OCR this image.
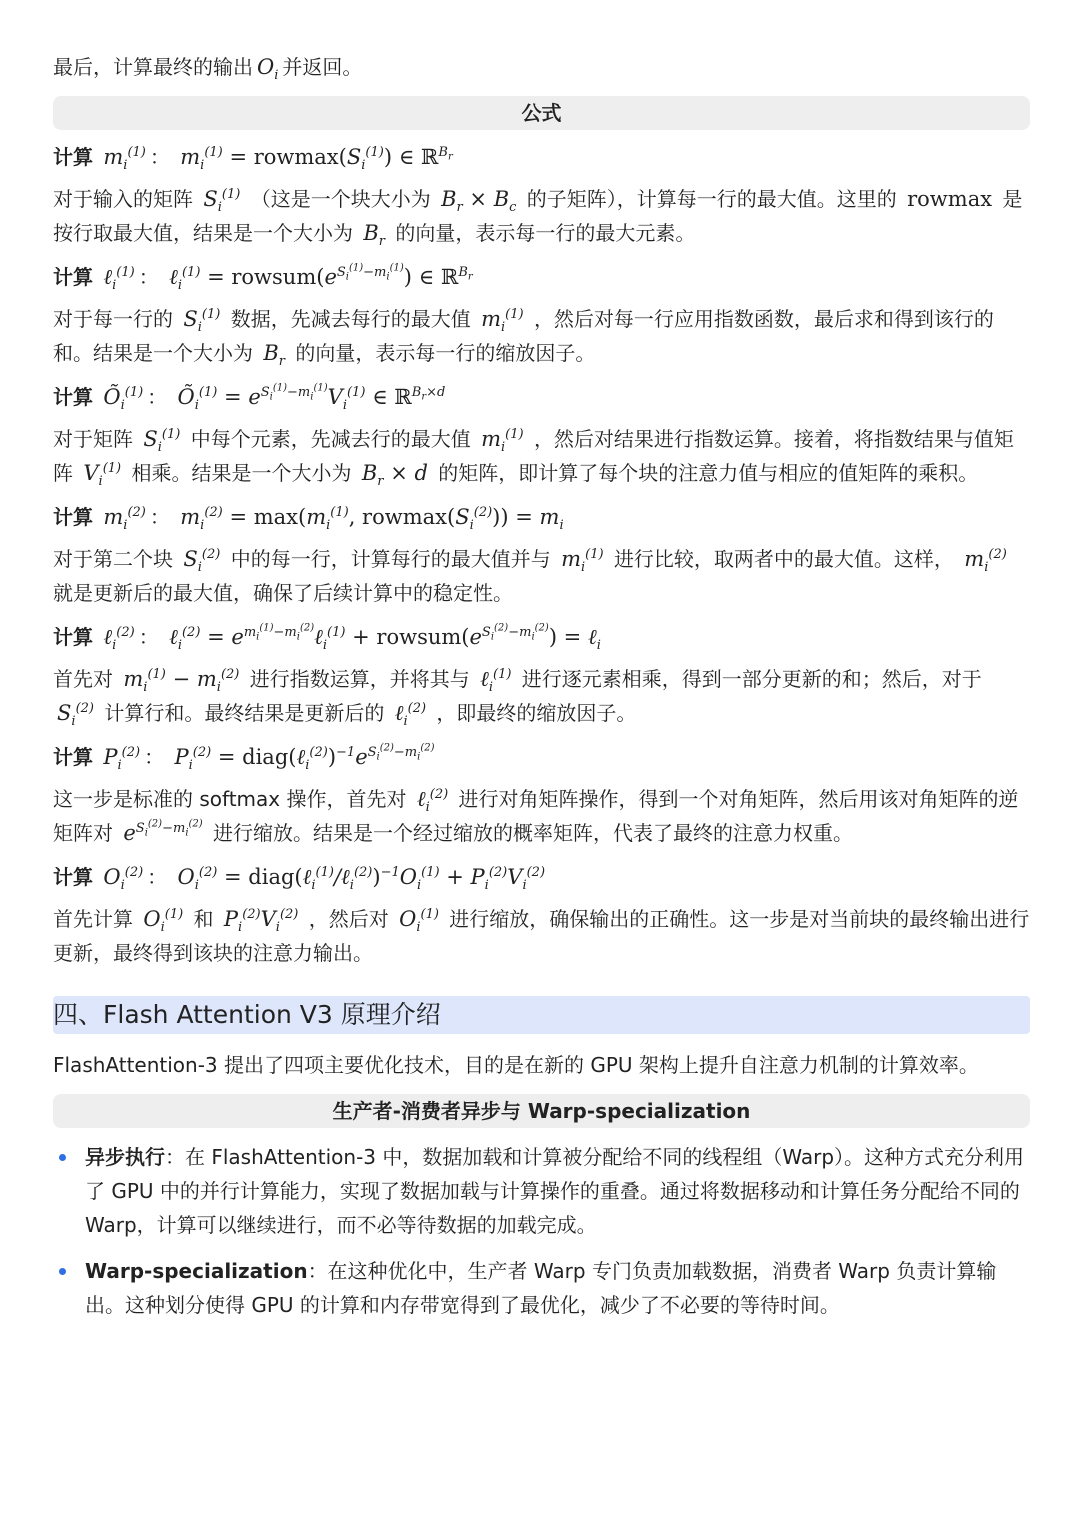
最后，计算最终的输出 $O_i$ 并返回。

公式

计算 $m_i^{(1)}$ ： $m_i^{(1)} = rowmax(S_i^{(1)})$ ∈ ℝ$^{B_r}$

对于输入的矩阵 $S_i^{(1)}$ （这是一个块大小为 $B_r \times B_c$ 的子矩阵），计算每一行的最大值。这里的 rowmax 是按行取最大值，结果是一个大小为 $B_r$ 的向量，表示每一行的最大元素。

计算 ℓ$_i^{(1)}$ ： ℓ$_i^{(1)}$ = $rowsum(e^{S_i^{(1)}-m_i^{(1)}})$ ∈ ℝ$^{B_r}$

对于每一行的 $S_i^{(1)}$ 数据，先减去每行的最大值 $m_i^{(1)}$ ，然后对每一行应用指数函数，最后求和得到该行的和。结果是一个大小为 $B_r$ 的向量，表示每一行的缩放因子。

计算 $Õ_i^{(1)}$ ： $Õ_i^{(1)} = e^{S_i^{(1)}-m_i^{(1)}}V_i^{(1)}$ ∈ ℝ$^{B_r\times d}$

对于矩阵 $S_i^{(1)}$ 中每个元素，先减去行的最大值 $m_i^{(1)}$ ，然后对结果进行指数运算。接着，将指数结果与值矩阵 $V_i^{(1)}$ 相乘。结果是一个大小为 $B_r \times d$ 的矩阵，即计算了每个块的注意力值与相应的值矩阵的乘积。

计算 $m_i^{(2)}$ ： $m_i^{(2)} = \max(m_i^{(1)}$, $rowmax(S_i^{(2)})) = m_i$

对于第二个块 $S_i^{(2)}$ 中的每一行，计算每行的最大值并与 $m_i^{(1)}$ 进行比较，取两者中的最大值。这样， $m_i^{(2)}$ 就是更新后的最大值，确保了后续计算中的稳定性。

计算 ℓ$_i^{(2)}$ ： ℓ$_i^{(2)}$ = $e^{m_i^{(1)}-m_i^{(2)}}\ell_i^{(1)}$ + $rowsum(e^{S_i^{(2)}-m_i^{(2)}})$ = ℓ$_i$

首先对 $m_i^{(1)} - m_i^{(2)}$ 进行指数运算，并将其与 ℓ$_i^{(1)}$ 进行逐元素相乘，得到一部分更新的和；然后，对于 $S_i^{(2)}$ 计算行和。最终结果是更新后的 ℓ$_i^{(2)}$ ，即最终的缩放因子。

计算 $P_i^{(2)}$ ： $P_i^{(2)}$ = $diag(\ell_i^{(2)})^{-1}e^{S_i^{(2)}-m_i^{(2)}}$

这一步是标准的 softmax 操作，首先对 ℓ$_i^{(2)}$ 进行对角矩阵操作，得到一个对角矩阵，然后用该对角矩阵的逆矩阵对 $e^{S_i^{(2)}-m_i^{(2)}}$ 进行缩放。结果是一个经过缩放的概率矩阵，代表了最终的注意力权重。

计算 $O_i^{(2)}$ ： $O_i^{(2)}$ = $diag(\ell_i^{(1)}/\ell_i^{(2)})^{-1}O_i^{(1)} + P_i^{(2)}V_i^{(2)}$

首先计算 $O_i^{(1)}$ 和 $P_i^{(2)}V_i^{(2)}$ ，然后对 $O_i^{(1)}$ 进行缩放，确保输出的正确性。这一步是对当前块的最终输出进行更新，最终得到该块的注意力输出。

四、Flash Attention V3 原理介绍

FlashAttention-3 提出了四项主要优化技术，目的是在新的 GPU 架构上提升自注意力机制的计算效率。

生产者-消费者异步与 Warp-specialization
异步执行：在 FlashAttention-3 中，数据加载和计算被分配给不同的线程组（Warp）。这种方式充分利用了 GPU 中的并行计算能力，实现了数据加载与计算操作的重叠。通过将数据移动和计算任务分配给不同的 Warp，计算可以继续进行，而不必等待数据的加载完成。
Warp-specialization：在这种优化中，生产者 Warp 专门负责加载数据，消费者 Warp 负责计算输出。这种划分使得 GPU 的计算和内存带宽得到了最优化，减少了不必要的等待时间。
